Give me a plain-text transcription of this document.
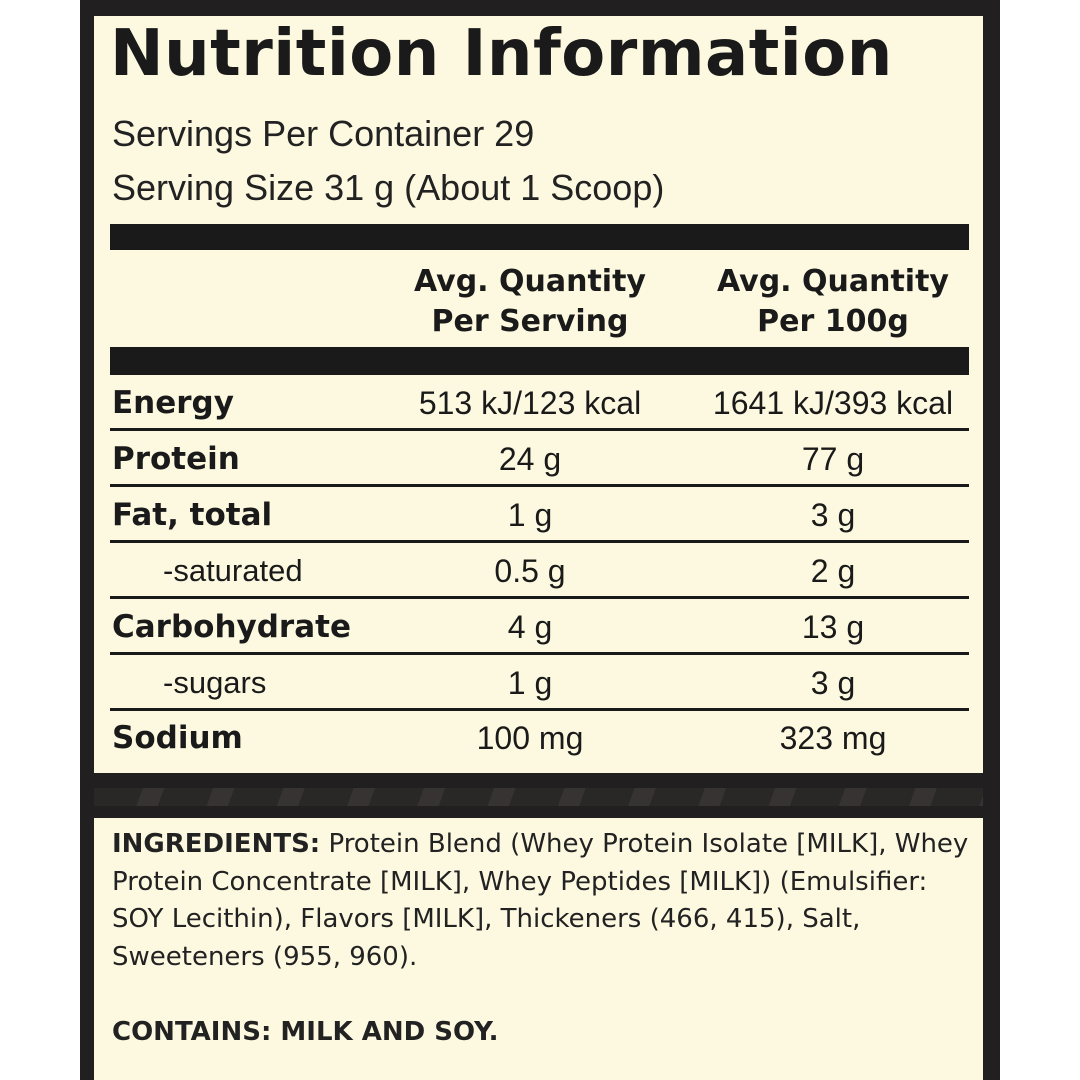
Nutrition Information
Servings Per Container 29
Serving Size 31 g (About 1 Scoop)
Avg. Quantity
Per Serving
Avg. Quantity
Per 100g
Energy	513 kJ/123 kcal	1641 kJ/393 kcal
Protein	24 g	77 g
Fat, total	1 g	3 g
-saturated	0.5 g	2 g
Carbohydrate	4 g	13 g
-sugars	1 g	3 g
Sodium	100 mg	323 mg
INGREDIENTS: Protein Blend (Whey Protein Isolate [MILK], Whey Protein Concentrate [MILK], Whey Peptides [MILK]) (Emulsifier: SOY Lecithin), Flavors [MILK], Thickeners (466, 415), Salt, Sweeteners (955, 960).
CONTAINS: MILK AND SOY.
